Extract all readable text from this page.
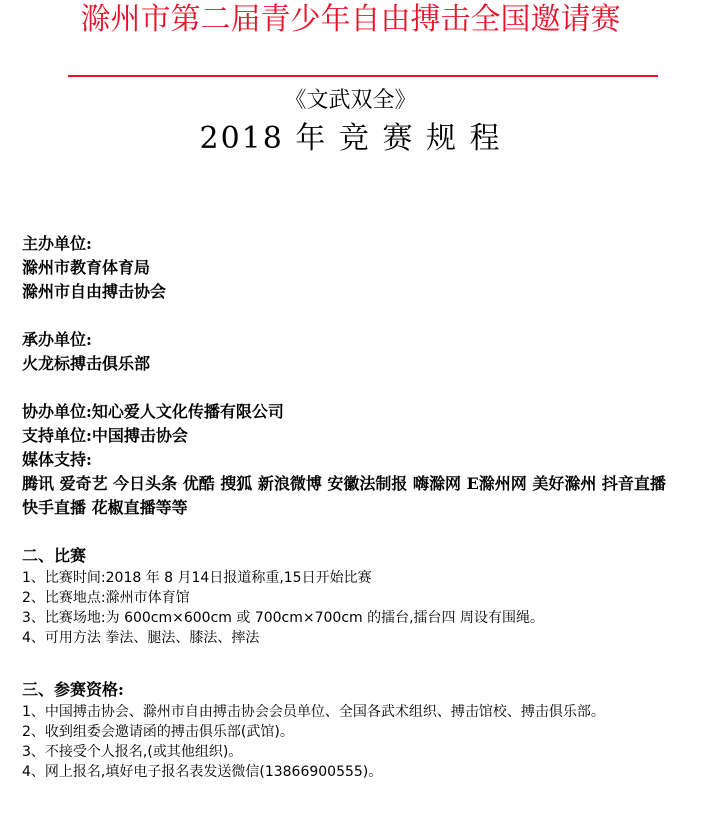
滁州市第二届青少年自由搏击全国邀请赛
《文武双全》
2018 年 竞 赛 规 程

主办单位:

滁州市教育体育局

滁州市自由搏击协会

承办单位:

火龙标搏击俱乐部

协办单位:知心爱人文化传播有限公司

支持单位:中国搏击协会

媒体支持:

腾讯 爱奇艺 今日头条 优酷 搜狐 新浪微博 安徽法制报 嗨滁网 E滁州网 美好滁州 抖音直播 快手直播 花椒直播等等

二、比赛

1、比赛时间:2018 年 8 月14日报道称重,15日开始比赛

2、比赛地点:滁州市体育馆

3、比赛场地:为 600cm×600cm 或 700cm×700cm 的擂台,擂台四 周设有围绳。

4、可用方法 拳法、腿法、膝法、摔法

三、参赛资格:

1、中国搏击协会、滁州市自由搏击协会会员单位、全国各武术组织、搏击馆校、搏击俱乐部。

2、收到组委会邀请函的搏击俱乐部(武馆)。

3、不接受个人报名,(或其他组织)。

4、网上报名,填好电子报名表发送微信(13866900555)。
